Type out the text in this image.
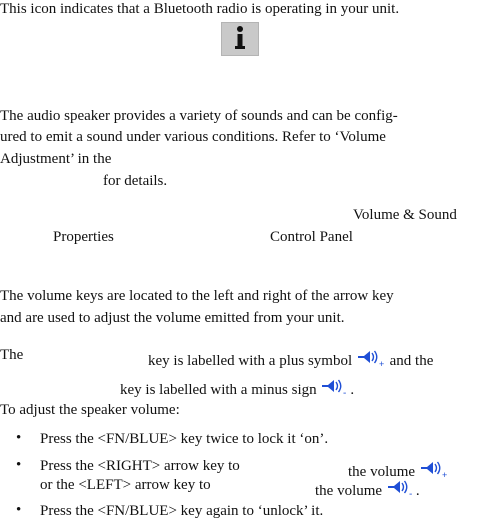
This icon indicates that a Bluetooth radio is operating in your unit.
The audio speaker provides a variety of sounds and can be config-
ured to emit a sound under various conditions. Refer to ‘Volume
Adjustment’ in the
for details.
Volume & Sound
Properties	Control Panel
The volume keys are located to the left and right of the arrow key
and are used to adjust the volume emitted from your unit.
The	key is labelled with a plus symbol	+ and the
key is labelled with a minus sign	- .
To adjust the speaker volume:
• Press the <FN/BLUE> key twice to lock it ‘on’.
• Press the <RIGHT> arrow key to	the volume	+
or the <LEFT> arrow key to	the volume	- .
• Press the <FN/BLUE> key again to ‘unlock’ it.
